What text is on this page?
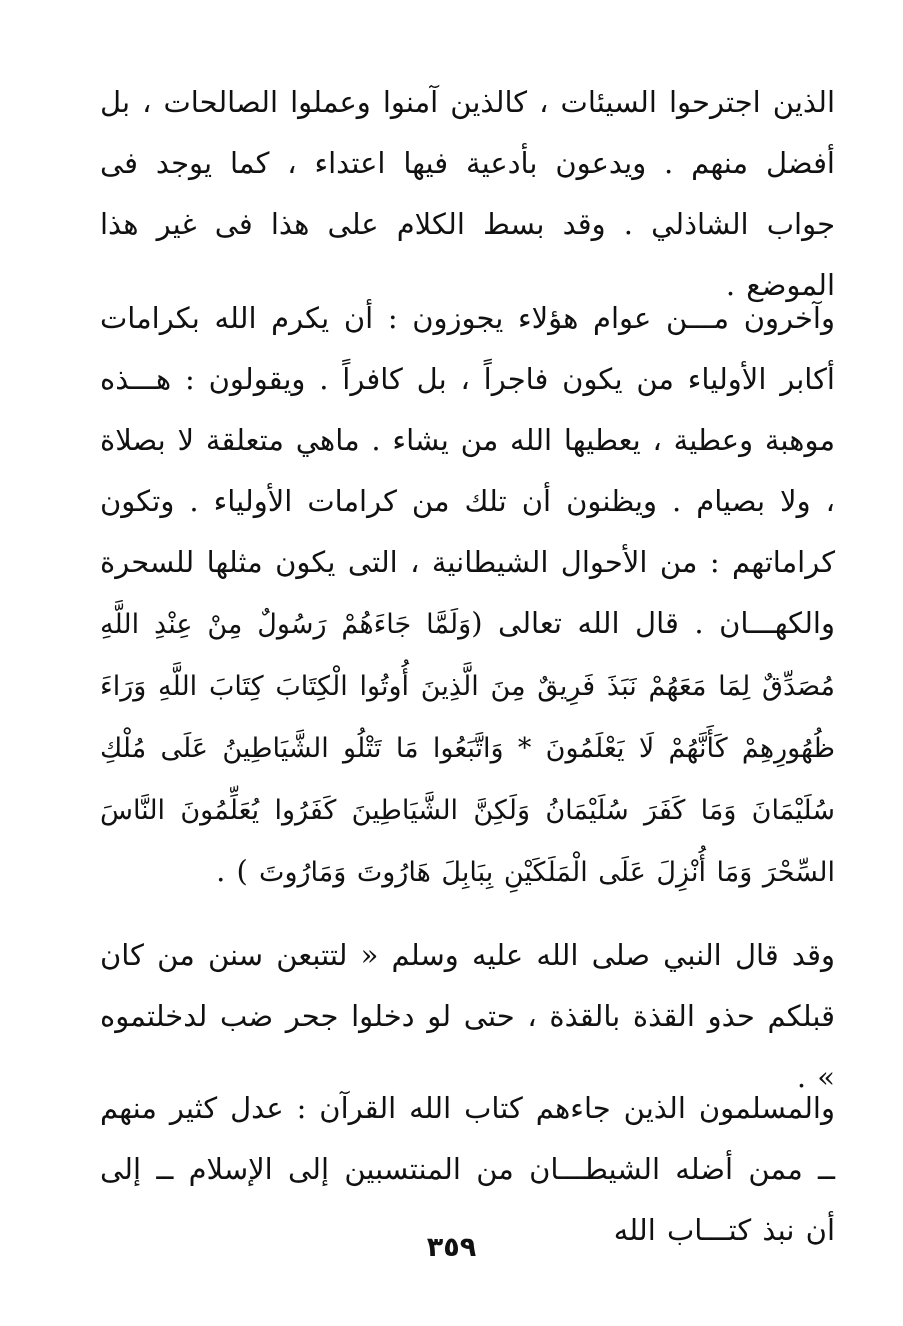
الذين اجترحوا السيئات ، كالذين آمنوا وعملوا الصالحات ، بل أفضل منهم . ويدعون بأدعية فيها اعتداء ، كما يوجد فى جواب الشاذلي . وقد بسط الكلام على هذا فى غير هذا الموضع .

وآخرون مـــن عوام هؤلاء يجوزون : أن يكرم الله بكرامات أكابر الأولياء من يكون فاجراً ، بل كافراً . ويقولون : هـــذه موهبة وعطية ، يعطيها الله من يشاء . ماهي متعلقة لا بصلاة ، ولا بصيام . ويظنون أن تلك من كرامات الأولياء . وتكون كراماتهم : من الأحوال الشيطانية ، التى يكون مثلها للسحرة والكهـــان . قال الله تعالى (وَلَمَّا جَاءَهُمْ رَسُولٌ مِنْ عِنْدِ اللَّهِ مُصَدِّقٌ لِمَا مَعَهُمْ نَبَذَ فَرِيقٌ مِنَ الَّذِينَ أُوتُوا الْكِتَابَ كِتَابَ اللَّهِ وَرَاءَ ظُهُورِهِمْ كَأَنَّهُمْ لَا يَعْلَمُونَ * وَاتَّبَعُوا مَا تَتْلُو الشَّيَاطِينُ عَلَى مُلْكِ سُلَيْمَانَ وَمَا كَفَرَ سُلَيْمَانُ وَلَكِنَّ الشَّيَاطِينَ كَفَرُوا يُعَلِّمُونَ النَّاسَ السِّحْرَ وَمَا أُنْزِلَ عَلَى الْمَلَكَيْنِ بِبَابِلَ هَارُوتَ وَمَارُوتَ ) .

وقد قال النبي صلى الله عليه وسلم « لتتبعن سنن من كان قبلكم حذو القذة بالقذة ، حتى لو دخلوا جحر ضب لدخلتموه » .

والمسلمون الذين جاءهم كتاب الله القرآن : عدل كثير منهم ــ ممن أضله الشيطـــان من المنتسبين إلى الإسلام ــ إلى أن نبذ كتـــاب الله

٣٥٩
